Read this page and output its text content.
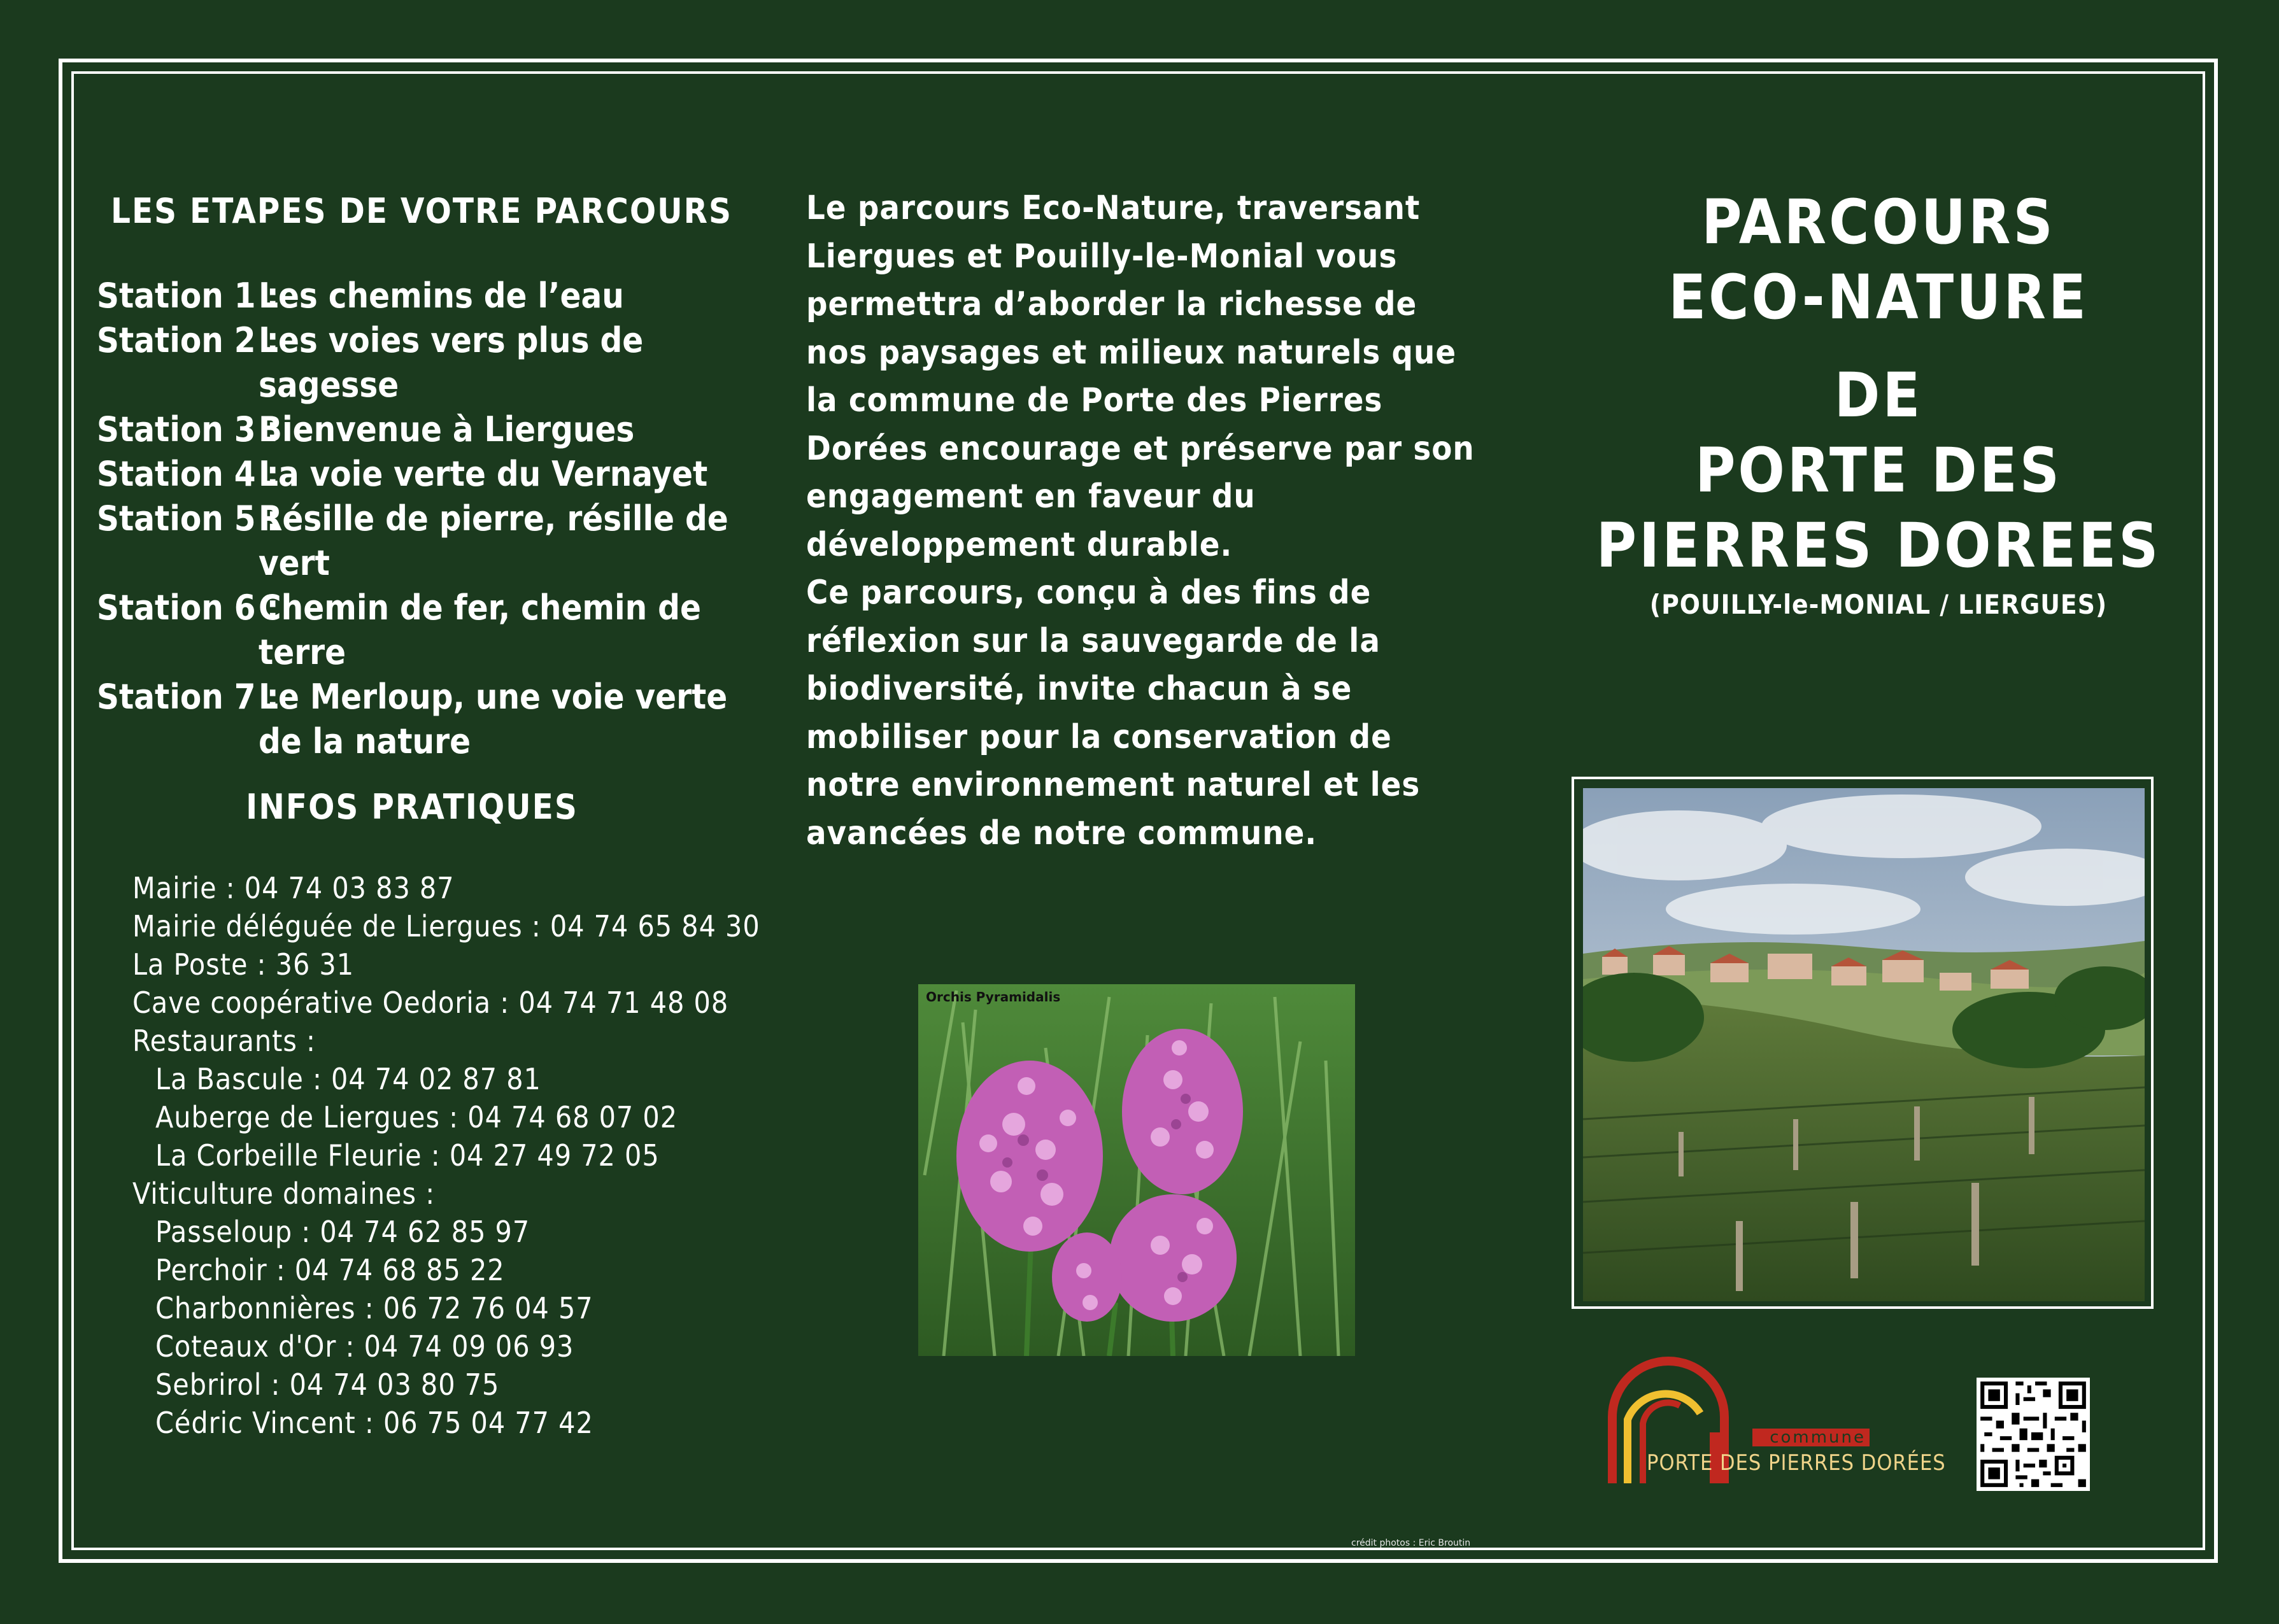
LES ETAPES DE VOTRE PARCOURS
Station 1 :
Les chemins de l’eau
Station 2 :
Les voies vers plus de sagesse
Station 3 :
Bienvenue à Liergues
Station 4 :
La voie verte du Vernayet
Station 5 :
Résille de pierre, résille de vert
Station 6 :
Chemin de fer, chemin de terre
Station 7 :
Le Merloup, une voie verte de la nature
INFOS PRATIQUES
Mairie : 04 74 03 83 87
Mairie déléguée de Liergues : 04 74 65 84 30
La Poste : 36 31
Cave coopérative Oedoria : 04 74 71 48 08
Restaurants :
La Bascule : 04 74 02 87 81
Auberge de Liergues : 04 74 68 07 02
La Corbeille Fleurie : 04 27 49 72 05
Viticulture domaines :
Passeloup : 04 74 62 85 97
Perchoir : 04 74 68 85 22
Charbonnières : 06 72 76 04 57
Coteaux d'Or : 04 74 09 06 93
Sebrirol : 04 74 03 80 75
Cédric Vincent : 06 75 04 77 42

Le parcours Eco-Nature, traversant Liergues et Pouilly-le-Monial vous permettra d’aborder la richesse de nos paysages et milieux naturels que la commune de Porte des Pierres Dorées encourage et préserve par son engagement en faveur du développement durable.

Ce parcours, conçu à des fins de réflexion sur la sauvegarde de la biodiversité, invite chacun à se mobiliser pour la conservation de notre environnement naturel et les avancées de notre commune.

Orchis Pyramidalis
PARCOURS
ECO-NATURE
DE
PORTE DES
PIERRES DOREES
(POUILLY-le-MONIAL / LIERGUES)
commune
PORTE DES PIERRES DORÉES
crédit photos : Eric Broutin
